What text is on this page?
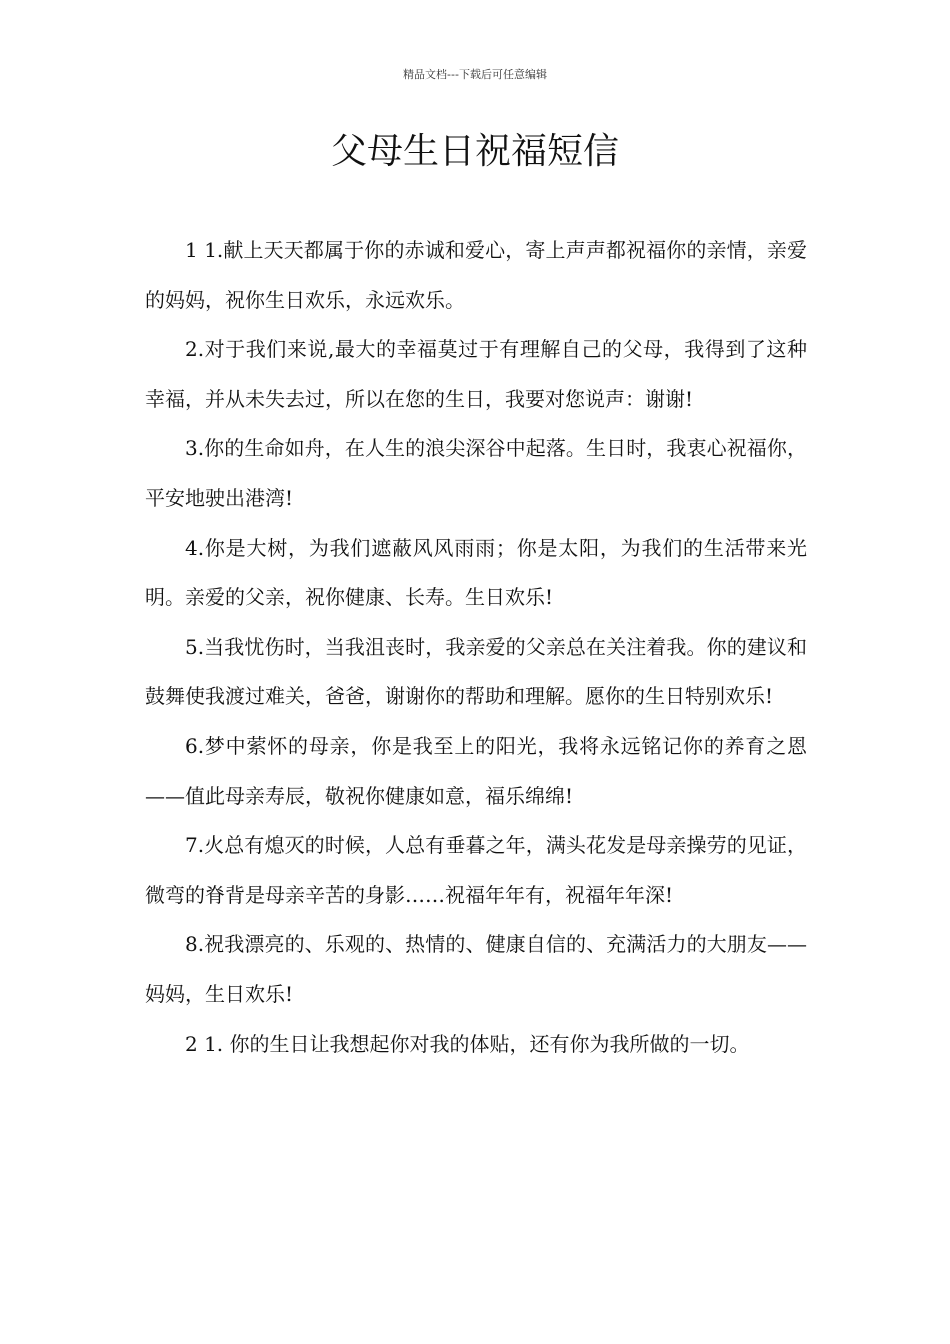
精品文档---下载后可任意编辑
父母生日祝福短信

1 1.献上天天都属于你的赤诚和爱心，寄上声声都祝福你的亲情，亲爱的妈妈，祝你生日欢乐，永远欢乐。

2.对于我们来说,最大的幸福莫过于有理解自己的父母，我得到了这种幸福，并从未失去过，所以在您的生日，我要对您说声：谢谢!

3.你的生命如舟，在人生的浪尖深谷中起落。生日时，我衷心祝福你，平安地驶出港湾!

4.你是大树，为我们遮蔽风风雨雨；你是太阳，为我们的生活带来光明。亲爱的父亲，祝你健康、长寿。生日欢乐!

5.当我忧伤时，当我沮丧时，我亲爱的父亲总在关注着我。你的建议和鼓舞使我渡过难关，爸爸，谢谢你的帮助和理解。愿你的生日特别欢乐!

6.梦中萦怀的母亲，你是我至上的阳光，我将永远铭记你的养育之恩——值此母亲寿辰，敬祝你健康如意，福乐绵绵!

7.火总有熄灭的时候，人总有垂暮之年，满头花发是母亲操劳的见证，微弯的脊背是母亲辛苦的身影……祝福年年有，祝福年年深!

8.祝我漂亮的、乐观的、热情的、健康自信的、充满活力的大朋友——妈妈，生日欢乐!

2 1. 你的生日让我想起你对我的体贴，还有你为我所做的一切。
